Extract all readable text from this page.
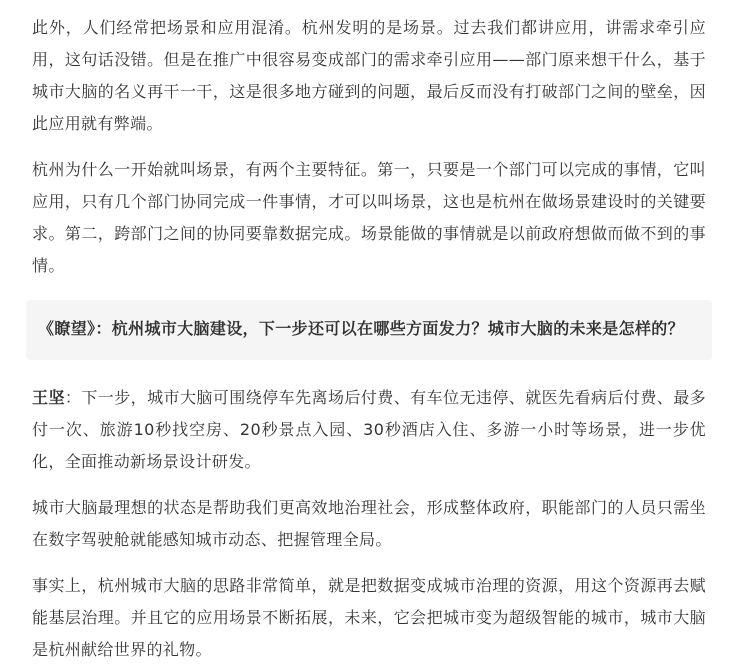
此外，人们经常把场景和应用混淆。杭州发明的是场景。过去我们都讲应用，讲需求牵引应用，这句话没错。但是在推广中很容易变成部门的需求牵引应用——部门原来想干什么，基于城市大脑的名义再干一干，这是很多地方碰到的问题，最后反而没有打破部门之间的壁垒，因此应用就有弊端。

杭州为什么一开始就叫场景，有两个主要特征。第一，只要是一个部门可以完成的事情，它叫应用，只有几个部门协同完成一件事情，才可以叫场景，这也是杭州在做场景建设时的关键要求。第二，跨部门之间的协同要靠数据完成。场景能做的事情就是以前政府想做而做不到的事情。

《瞭望》：杭州城市大脑建设，下一步还可以在哪些方面发力？城市大脑的未来是怎样的？

王坚：下一步，城市大脑可围绕停车先离场后付费、有车位无违停、就医先看病后付费、最多付一次、旅游10秒找空房、20秒景点入园、30秒酒店入住、多游一小时等场景，进一步优化，全面推动新场景设计研发。

城市大脑最理想的状态是帮助我们更高效地治理社会，形成整体政府，职能部门的人员只需坐在数字驾驶舱就能感知城市动态、把握管理全局。

事实上，杭州城市大脑的思路非常简单，就是把数据变成城市治理的资源，用这个资源再去赋能基层治理。并且它的应用场景不断拓展，未来，它会把城市变为超级智能的城市，城市大脑是杭州献给世界的礼物。
